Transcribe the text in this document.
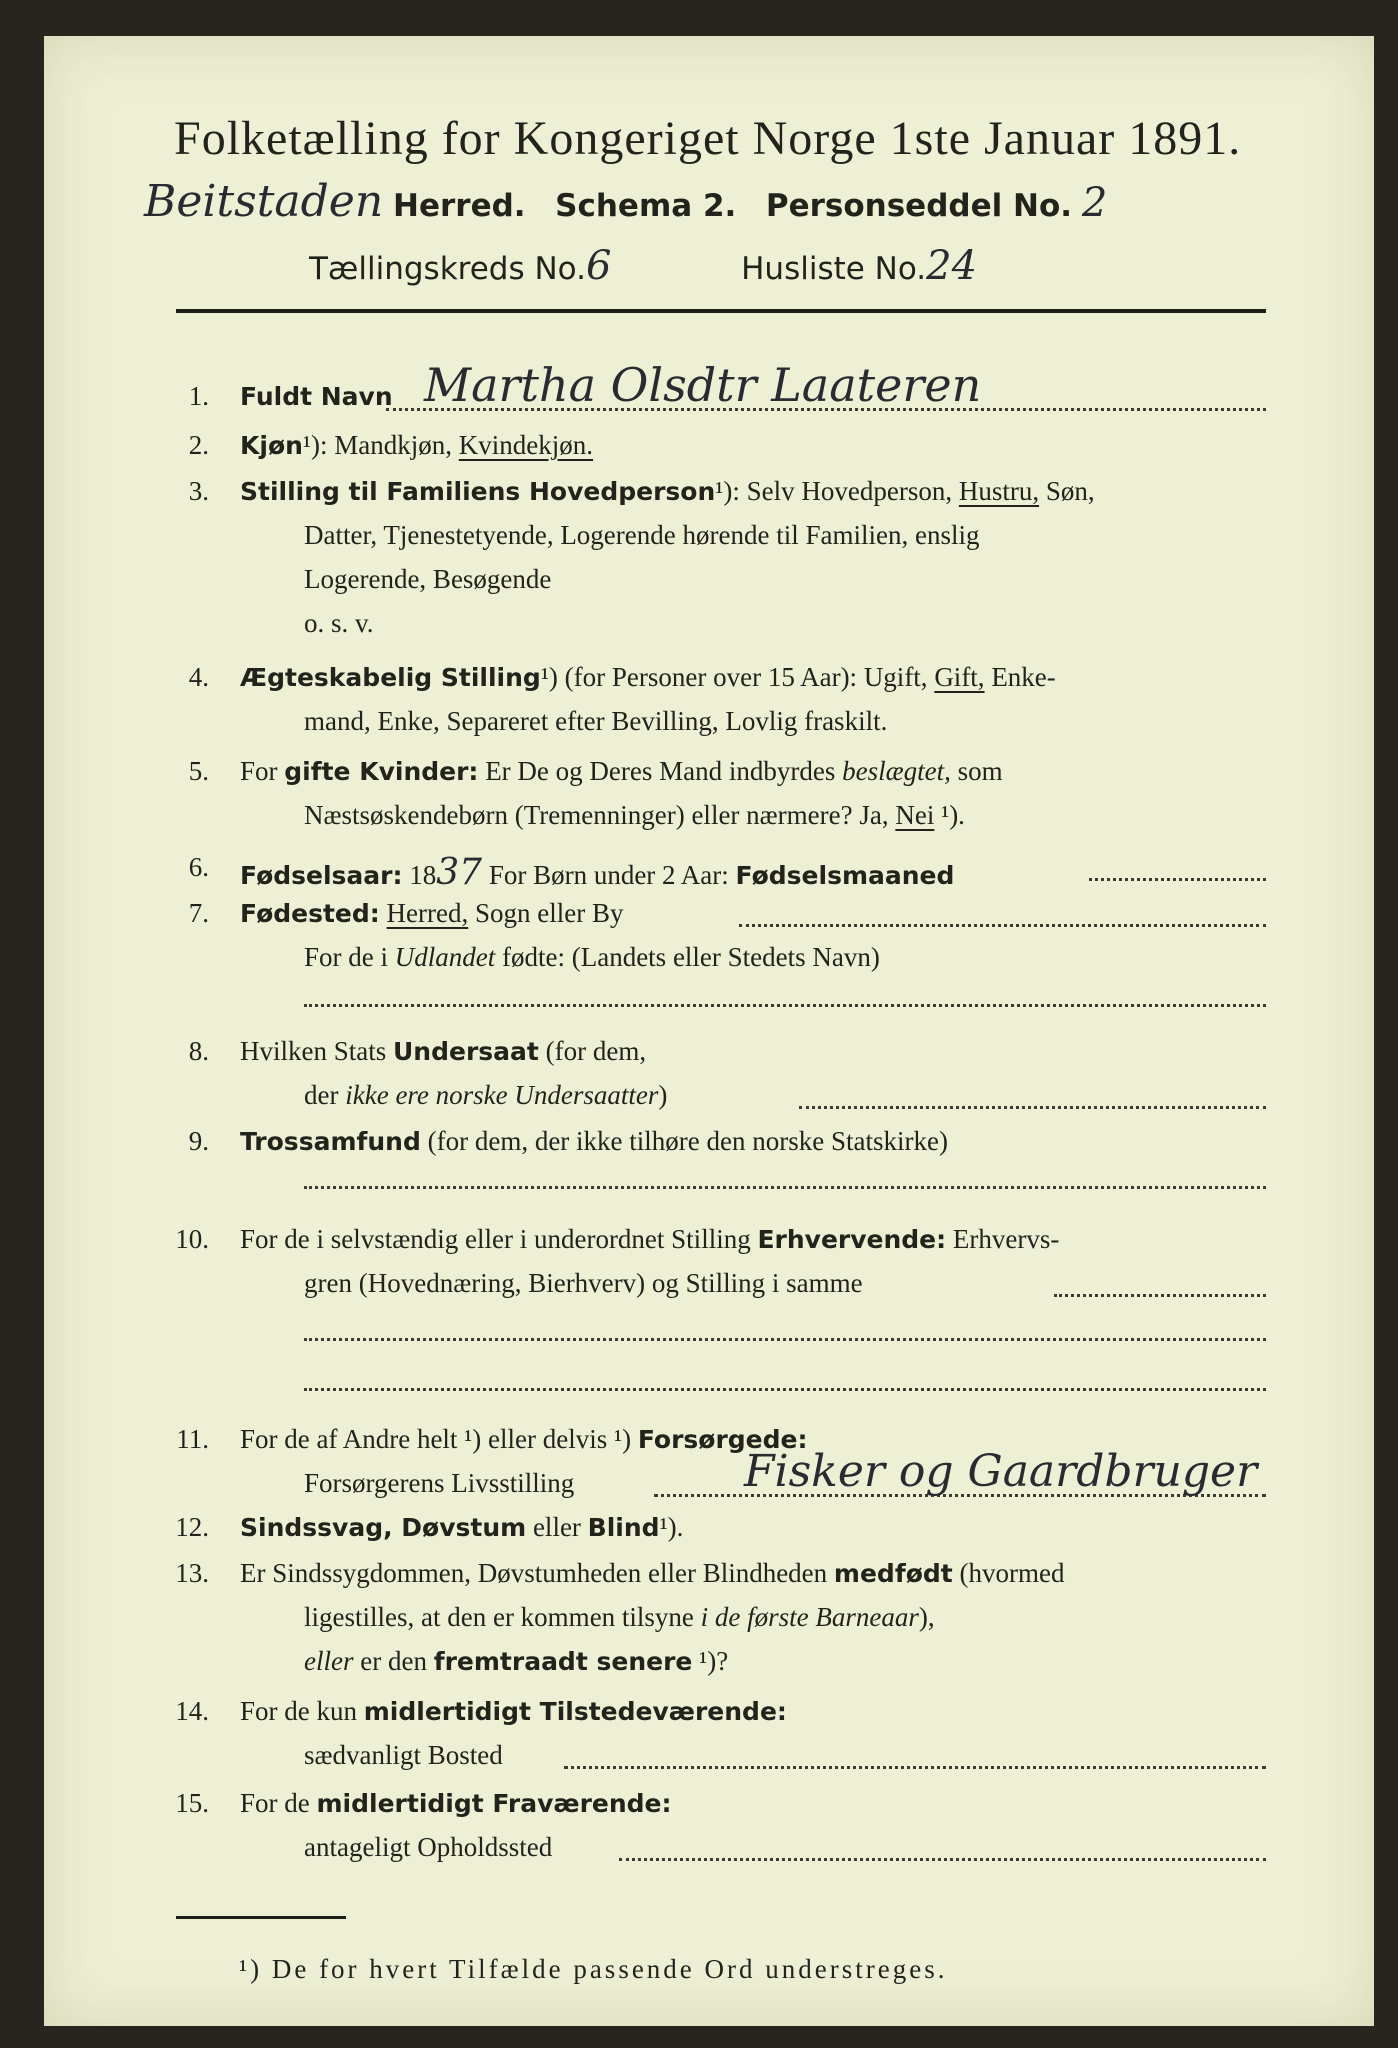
Folketælling for Kongeriget Norge 1ste Januar 1891.
Beitstaden Herred. Schema 2. Personseddel No. 2
Tællingskreds No.6	Husliste No.24
1. Fuldt Navn Martha Olsdtr Laateren
2. Kjøn¹): Mandkjøn, Kvindekjøn.
3. Stilling til Familiens Hovedperson¹): Selv Hovedperson, Hustru, Søn,
Datter, Tjenestetyende, Logerende hørende til Familien, enslig
Logerende, Besøgende
o. s. v.
4. Ægteskabelig Stilling¹) (for Personer over 15 Aar): Ugift, Gift, Enke-
mand, Enke, Separeret efter Bevilling, Lovlig fraskilt.
5. For gifte Kvinder: Er De og Deres Mand indbyrdes beslægtet, som
Næstsøskendebørn (Tremenninger) eller nærmere? Ja, Nei ¹).
6. Fødselsaar: 1837 For Børn under 2 Aar: Fødselsmaaned
7. Fødested: Herred, Sogn eller By
For de i Udlandet fødte: (Landets eller Stedets Navn)
8. Hvilken Stats Undersaat (for dem,
der ikke ere norske Undersaatter)
9. Trossamfund (for dem, der ikke tilhøre den norske Statskirke)
10. For de i selvstændig eller i underordnet Stilling Erhvervende: Erhvervs-
gren (Hovednæring, Bierhverv) og Stilling i samme
11. For de af Andre helt ¹) eller delvis ¹) Forsørgede:
Forsørgerens Livsstilling	Fisker og Gaardbruger
12. Sindssvag, Døvstum eller Blind¹).
13. Er Sindssygdommen, Døvstumheden eller Blindheden medfødt (hvormed
ligestilles, at den er kommen tilsyne i de første Barneaar),
eller er den fremtraadt senere ¹)?
14. For de kun midlertidigt Tilstedeværende:
sædvanligt Bosted
15. For de midlertidigt Fraværende:
antageligt Opholdssted
¹) De for hvert Tilfælde passende Ord understreges.
